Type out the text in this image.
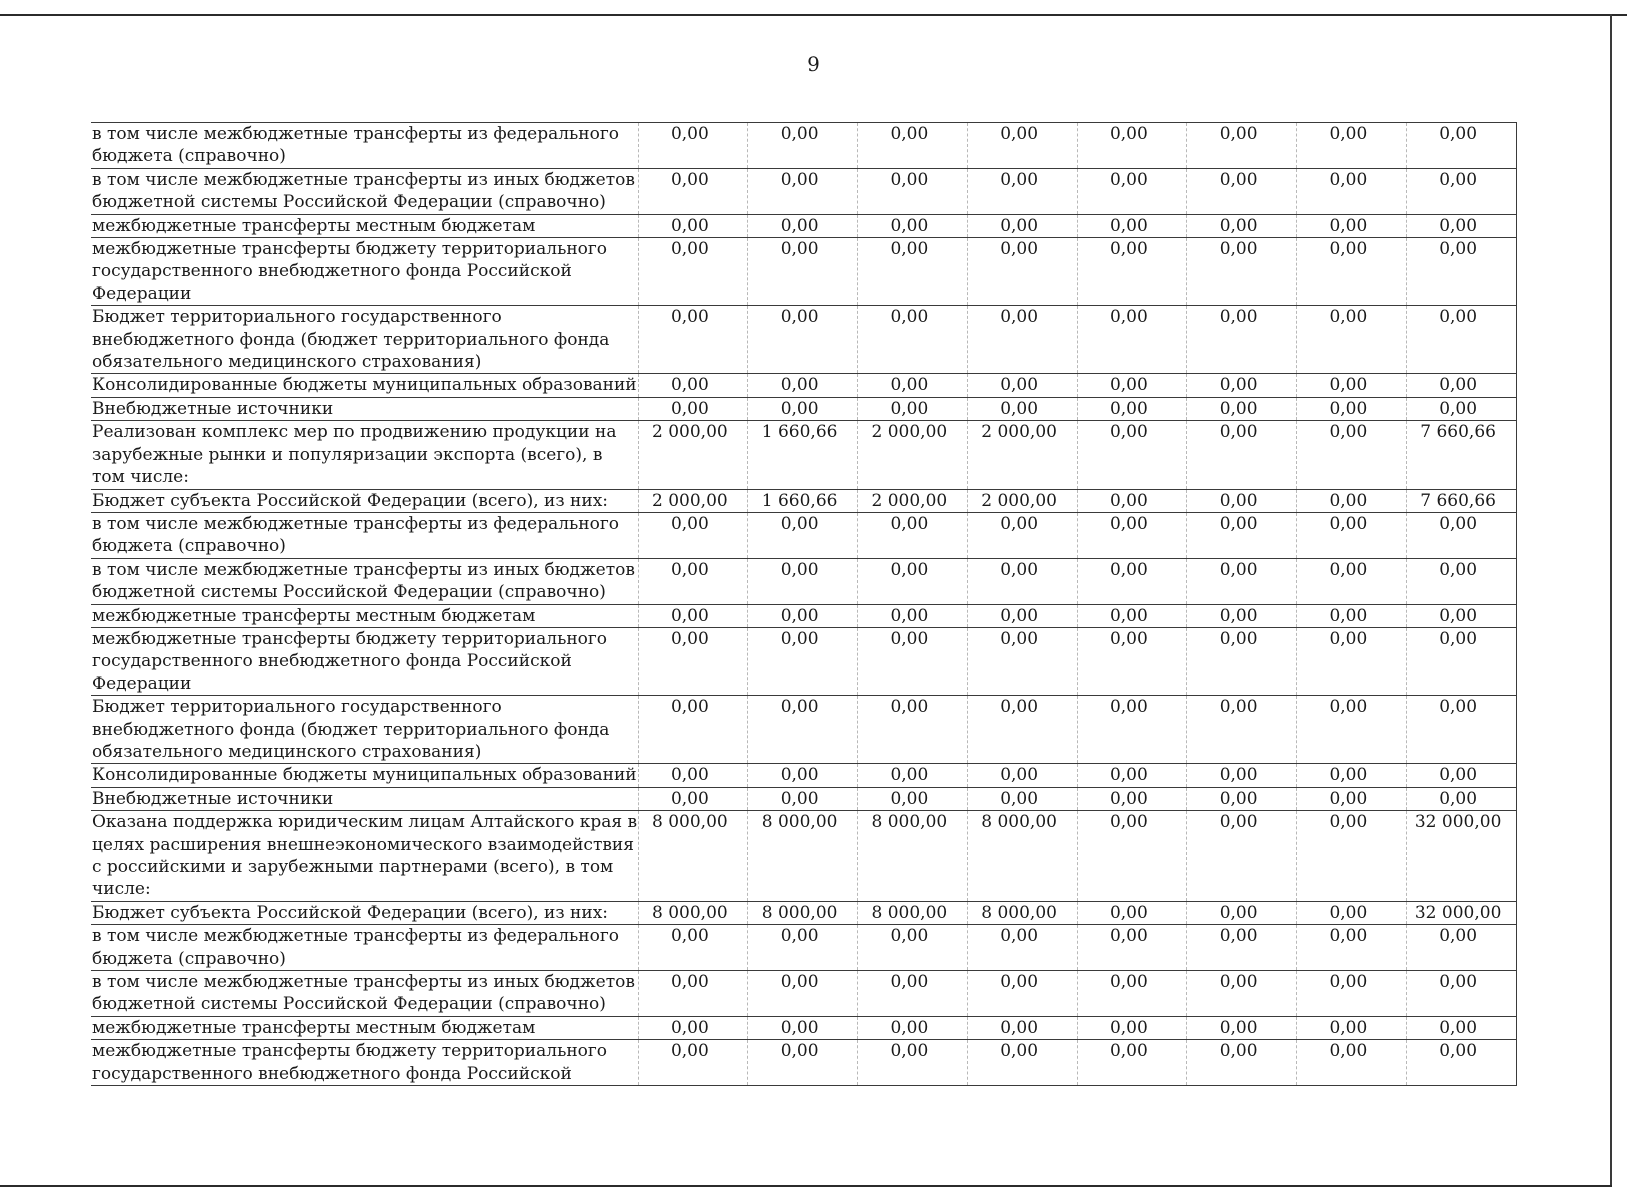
9
в том числе межбюджетные трансферты из федерального бюджета (справочно)	0,00	0,00	0,00	0,00	0,00	0,00	0,00	0,00
в том числе межбюджетные трансферты из иных бюджетов бюджетной системы Российской Федерации (справочно)	0,00	0,00	0,00	0,00	0,00	0,00	0,00	0,00
межбюджетные трансферты местным бюджетам	0,00	0,00	0,00	0,00	0,00	0,00	0,00	0,00
межбюджетные трансферты бюджету территориального государственного внебюджетного фонда Российской Федерации	0,00	0,00	0,00	0,00	0,00	0,00	0,00	0,00
Бюджет территориального государственного внебюджетного фонда (бюджет территориального фонда обязательного медицинского страхования)	0,00	0,00	0,00	0,00	0,00	0,00	0,00	0,00
Консолидированные бюджеты муниципальных образований	0,00	0,00	0,00	0,00	0,00	0,00	0,00	0,00
Внебюджетные источники	0,00	0,00	0,00	0,00	0,00	0,00	0,00	0,00
Реализован комплекс мер по продвижению продукции на зарубежные рынки и популяризации экспорта (всего), в том числе:	2 000,00	1 660,66	2 000,00	2 000,00	0,00	0,00	0,00	7 660,66
Бюджет субъекта Российской Федерации (всего), из них:	2 000,00	1 660,66	2 000,00	2 000,00	0,00	0,00	0,00	7 660,66
в том числе межбюджетные трансферты из федерального бюджета (справочно)	0,00	0,00	0,00	0,00	0,00	0,00	0,00	0,00
в том числе межбюджетные трансферты из иных бюджетов бюджетной системы Российской Федерации (справочно)	0,00	0,00	0,00	0,00	0,00	0,00	0,00	0,00
межбюджетные трансферты местным бюджетам	0,00	0,00	0,00	0,00	0,00	0,00	0,00	0,00
межбюджетные трансферты бюджету территориального государственного внебюджетного фонда Российской Федерации	0,00	0,00	0,00	0,00	0,00	0,00	0,00	0,00
Бюджет территориального государственного внебюджетного фонда (бюджет территориального фонда обязательного медицинского страхования)	0,00	0,00	0,00	0,00	0,00	0,00	0,00	0,00
Консолидированные бюджеты муниципальных образований	0,00	0,00	0,00	0,00	0,00	0,00	0,00	0,00
Внебюджетные источники	0,00	0,00	0,00	0,00	0,00	0,00	0,00	0,00
Оказана поддержка юридическим лицам Алтайского края в целях расширения внешнеэкономического взаимодействия с российскими и зарубежными партнерами (всего), в том числе:	8 000,00	8 000,00	8 000,00	8 000,00	0,00	0,00	0,00	32 000,00
Бюджет субъекта Российской Федерации (всего), из них:	8 000,00	8 000,00	8 000,00	8 000,00	0,00	0,00	0,00	32 000,00
в том числе межбюджетные трансферты из федерального бюджета (справочно)	0,00	0,00	0,00	0,00	0,00	0,00	0,00	0,00
в том числе межбюджетные трансферты из иных бюджетов бюджетной системы Российской Федерации (справочно)	0,00	0,00	0,00	0,00	0,00	0,00	0,00	0,00
межбюджетные трансферты местным бюджетам	0,00	0,00	0,00	0,00	0,00	0,00	0,00	0,00
межбюджетные трансферты бюджету территориального государственного внебюджетного фонда Российской	0,00	0,00	0,00	0,00	0,00	0,00	0,00	0,00
